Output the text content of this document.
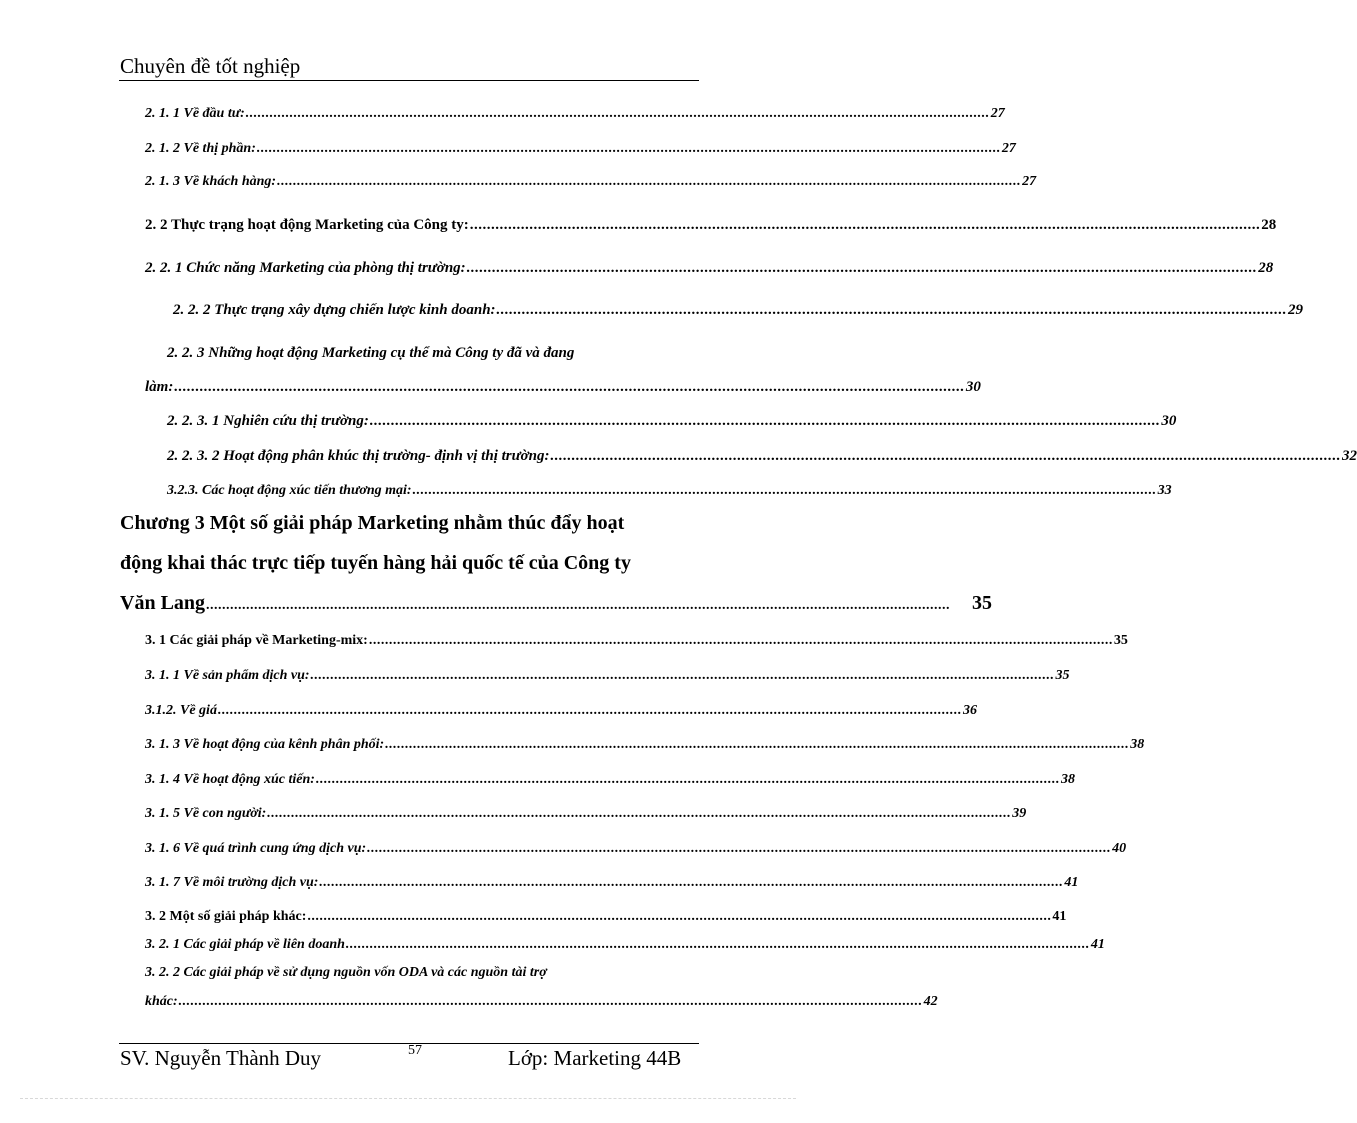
Chuyên đề tốt nghiệp
2. 1. 1 Về đầu tư: .......................................................................................................................................................................................... 27
2. 1. 2 Về thị phần: .......................................................................................................................................................................................... 27
2. 1. 3 Về khách hàng: .......................................................................................................................................................................................... 27
2. 2 Thực trạng hoạt động Marketing của Công ty: .......................................................................................................................................................................................... 28
2. 2. 1 Chức năng Marketing của phòng thị trường: .......................................................................................................................................................................................... 28
2. 2. 2 Thực trạng xây dựng chiến lược kinh doanh: .......................................................................................................................................................................................... 29
2. 2. 3 Những hoạt động Marketing cụ thể mà Công ty đã và đang
làm: .......................................................................................................................................................................................... 30
2. 2. 3. 1 Nghiên cứu thị trường: .......................................................................................................................................................................................... 30
2. 2. 3. 2 Hoạt động phân khúc thị trường- định vị thị trường: .......................................................................................................................................................................................... 32
3.2.3. Các hoạt động xúc tiến thương mại: .......................................................................................................................................................................................... 33
Chương 3 Một số giải pháp Marketing nhằm thúc đẩy hoạt
động khai thác trực tiếp tuyến hàng hải quốc tế của Công ty
Văn Lang .......................................................................................................................................................................................... 35
3. 1 Các giải pháp về Marketing-mix: .......................................................................................................................................................................................... 35
3. 1. 1 Về sản phẩm dịch vụ: .......................................................................................................................................................................................... 35
3.1.2. Về giá .......................................................................................................................................................................................... 36
3. 1. 3 Về hoạt động của kênh phân phối: .......................................................................................................................................................................................... 38
3. 1. 4 Về hoạt động xúc tiến: .......................................................................................................................................................................................... 38
3. 1. 5 Về con người: .......................................................................................................................................................................................... 39
3. 1. 6 Về quá trình cung ứng dịch vụ: .......................................................................................................................................................................................... 40
3. 1. 7 Về môi trường dịch vụ: .......................................................................................................................................................................................... 41
3. 2 Một số giải pháp khác: .......................................................................................................................................................................................... 41
3. 2. 1 Các giải pháp về liên doanh .......................................................................................................................................................................................... 41
3. 2. 2 Các giải pháp về sử dụng nguồn vốn ODA và các nguồn tài trợ
khác: .......................................................................................................................................................................................... 42
SV. Nguyễn Thành Duy	57	Lớp: Marketing 44B
